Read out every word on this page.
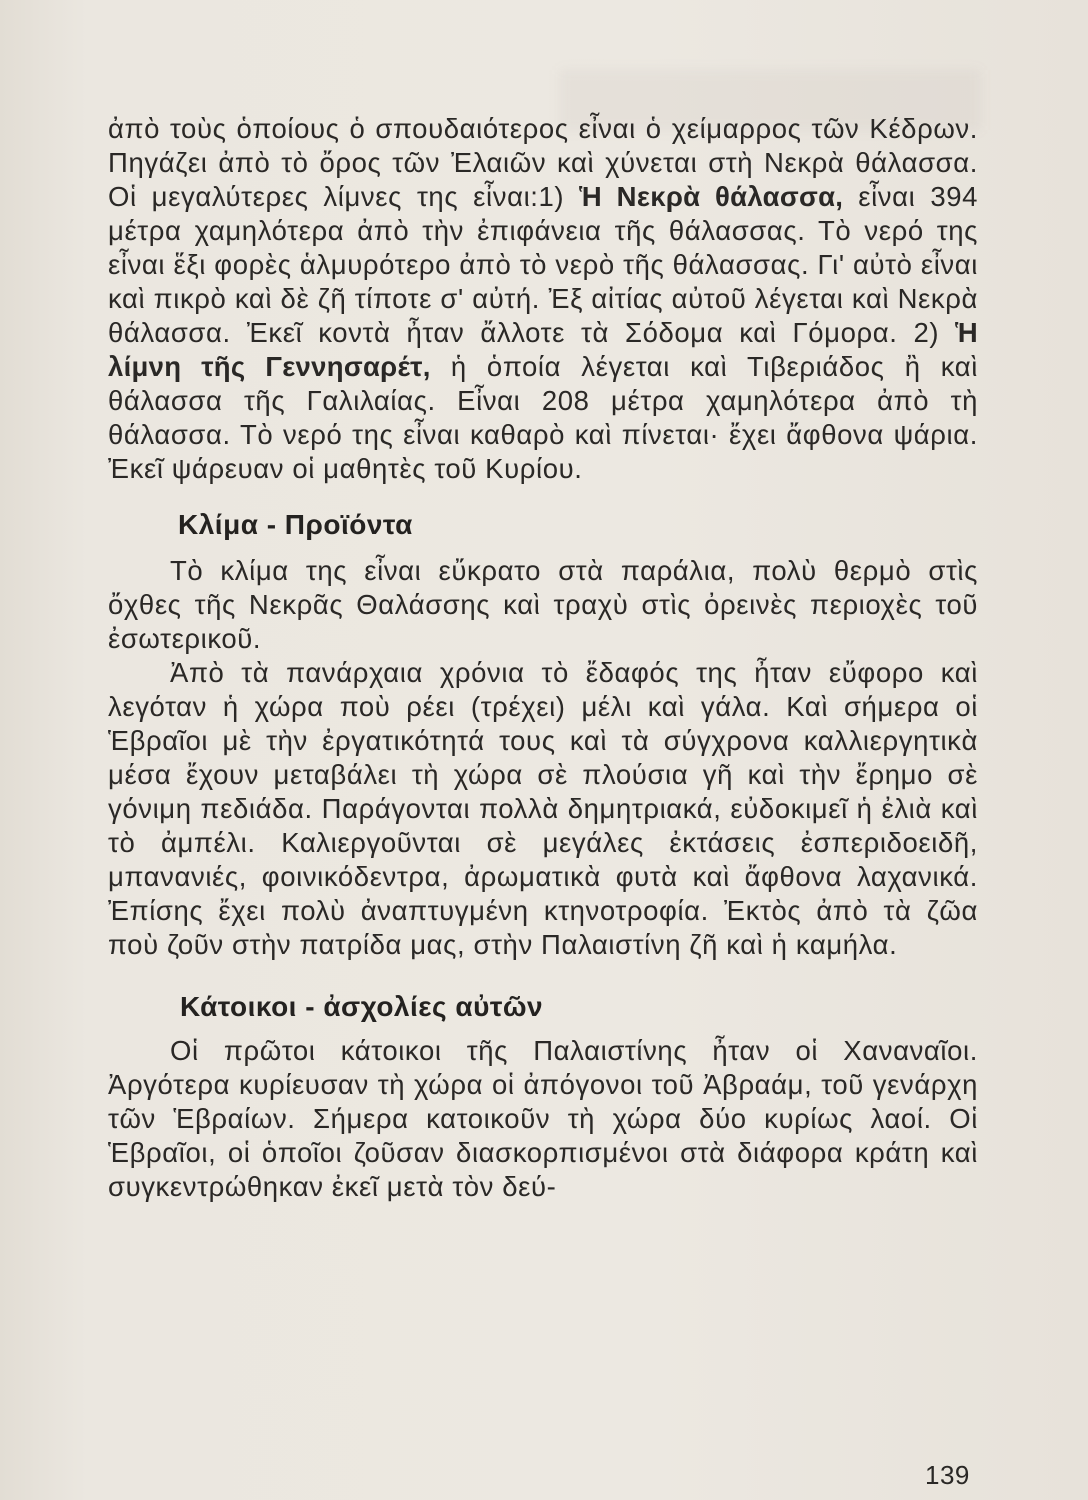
ἀπὸ τοὺς ὁποίους ὁ σπουδαιότερος εἶναι ὁ χείμαρρος τῶν Κέδρων. Πηγάζει ἀπὸ τὸ ὄρος τῶν Ἐλαιῶν καὶ χύνεται στὴ Νεκρὰ θάλασσα. Οἱ μεγαλύτερες λίμνες της εἶναι:1) Ἡ Νεκρὰ θάλασσα, εἶναι 394 μέτρα χαμηλότερα ἀπὸ τὴν ἐπιφάνεια τῆς θάλασσας. Τὸ νερό της εἶναι ἕξι φορὲς ἁλμυρότερο ἀπὸ τὸ νερὸ τῆς θάλασσας. Γι' αὐτὸ εἶναι καὶ πικρὸ καὶ δὲ ζῆ τίποτε σ' αὐτή. Ἐξ αἰτίας αὐτοῦ λέγεται καὶ Νεκρὰ θάλασσα. Ἐκεῖ κοντὰ ἦταν ἄλλοτε τὰ Σόδομα καὶ Γόμορα. 2) Ἡ λίμνη τῆς Γεννησαρέτ, ἡ ὁποία λέγεται καὶ Τιβεριάδος ἢ καὶ θάλασσα τῆς Γαλιλαίας. Εἶναι 208 μέτρα χαμηλότερα ἀπὸ τὴ θάλασσα. Τὸ νερό της εἶναι καθαρὸ καὶ πίνεται· ἔχει ἄφθονα ψάρια. Ἐκεῖ ψάρευαν οἱ μαθητὲς τοῦ Κυρίου.

Κλίμα - Προϊόντα

Τὸ κλίμα της εἶναι εὔκρατο στὰ παράλια, πολὺ θερμὸ στὶς ὄχθες τῆς Νεκρᾶς Θαλάσσης καὶ τραχὺ στὶς ὀρεινὲς περιοχὲς τοῦ ἐσωτερικοῦ.

Ἀπὸ τὰ πανάρχαια χρόνια τὸ ἔδαφός της ἦταν εὔφορο καὶ λεγόταν ἡ χώρα ποὺ ρέει (τρέχει) μέλι καὶ γάλα. Καὶ σήμερα οἱ Ἑβραῖοι μὲ τὴν ἐργατικότητά τους καὶ τὰ σύγχρονα καλλιεργητικὰ μέσα ἔχουν μεταβάλει τὴ χώρα σὲ πλούσια γῆ καὶ τὴν ἔρημο σὲ γόνιμη πεδιάδα. Παράγονται πολλὰ δημητριακά, εὐδοκιμεῖ ἡ ἐλιὰ καὶ τὸ ἀμπέλι. Καλιεργοῦνται σὲ μεγάλες ἐκτάσεις ἐσπεριδοειδῆ, μπανανιές, φοινικόδεντρα, ἀρωματικὰ φυτὰ καὶ ἄφθονα λαχανικά. Ἐπίσης ἔχει πολὺ ἀναπτυγμένη κτηνοτροφία. Ἐκτὸς ἀπὸ τὰ ζῶα ποὺ ζοῦν στὴν πατρίδα μας, στὴν Παλαιστίνη ζῆ καὶ ἡ καμήλα.

Κάτοικοι - ἀσχολίες αὐτῶν

Οἱ πρῶτοι κάτοικοι τῆς Παλαιστίνης ἦταν οἱ Χαναναῖοι. Ἀργότερα κυρίευσαν τὴ χώρα οἱ ἀπόγονοι τοῦ Ἀβραάμ, τοῦ γενάρχη τῶν Ἑβραίων. Σήμερα κατοικοῦν τὴ χώρα δύο κυρίως λαοί. Οἱ Ἑβραῖοι, οἱ ὁποῖοι ζοῦσαν διασκορπισμένοι στὰ διάφορα κράτη καὶ συγκεντρώθηκαν ἐκεῖ μετὰ τὸν δεύ-

139
